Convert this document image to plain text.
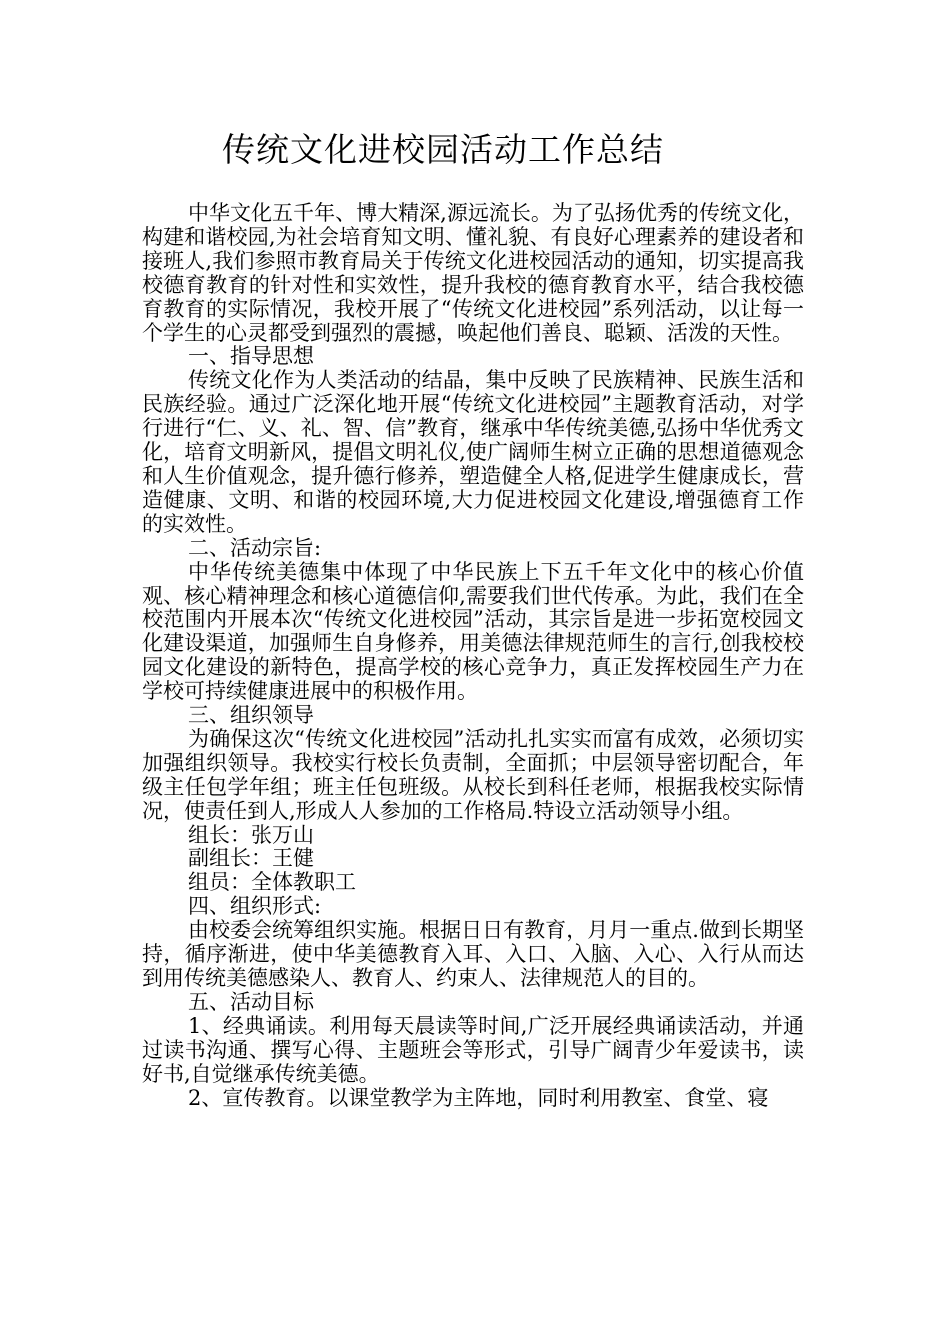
传统文化进校园活动工作总结

中华文化五千年、博大精深,源远流长。为了弘扬优秀的传统文化，构建和谐校园,为社会培育知文明、懂礼貌、有良好心理素养的建设者和接班人,我们参照市教育局关于传统文化进校园活动的通知，切实提高我校德育教育的针对性和实效性，提升我校的德育教育水平，结合我校德育教育的实际情况，我校开展了“传统文化进校园”系列活动，以让每一个学生的心灵都受到强烈的震撼，唤起他们善良、聪颖、活泼的天性。

一、指导思想

传统文化作为人类活动的结晶，集中反映了民族精神、民族生活和民族经验。通过广泛深化地开展“传统文化进校园”主题教育活动，对学行进行“仁、义、礼、智、信”教育，继承中华传统美德,弘扬中华优秀文化，培育文明新风，提倡文明礼仪,使广阔师生树立正确的思想道德观念和人生价值观念，提升德行修养，塑造健全人格,促进学生健康成长，营造健康、文明、和谐的校园环境,大力促进校园文化建设,增强德育工作的实效性。

二、活动宗旨:

中华传统美德集中体现了中华民族上下五千年文化中的核心价值观、核心精神理念和核心道德信仰,需要我们世代传承。为此，我们在全校范围内开展本次“传统文化进校园”活动，其宗旨是进一步拓宽校园文化建设渠道，加强师生自身修养，用美德法律规范师生的言行,创我校校园文化建设的新特色，提高学校的核心竞争力，真正发挥校园生产力在学校可持续健康进展中的积极作用。

三、组织领导

为确保这次“传统文化进校园”活动扎扎实实而富有成效，必须切实加强组织领导。我校实行校长负责制，全面抓；中层领导密切配合，年级主任包学年组；班主任包班级。从校长到科任老师，根据我校实际情况，使责任到人,形成人人参加的工作格局.特设立活动领导小组。

组长：张万山

副组长：王健

组员：全体教职工

四、组织形式:

由校委会统筹组织实施。根据日日有教育，月月一重点.做到长期坚持，循序渐进，使中华美德教育入耳、入口、入脑、入心、入行从而达到用传统美德感染人、教育人、约束人、法律规范人的目的。

五、活动目标

1、经典诵读。利用每天晨读等时间,广泛开展经典诵读活动，并通过读书沟通、撰写心得、主题班会等形式，引导广阔青少年爱读书，读好书,自觉继承传统美德。

2、宣传教育。以课堂教学为主阵地，同时利用教室、食堂、寝
